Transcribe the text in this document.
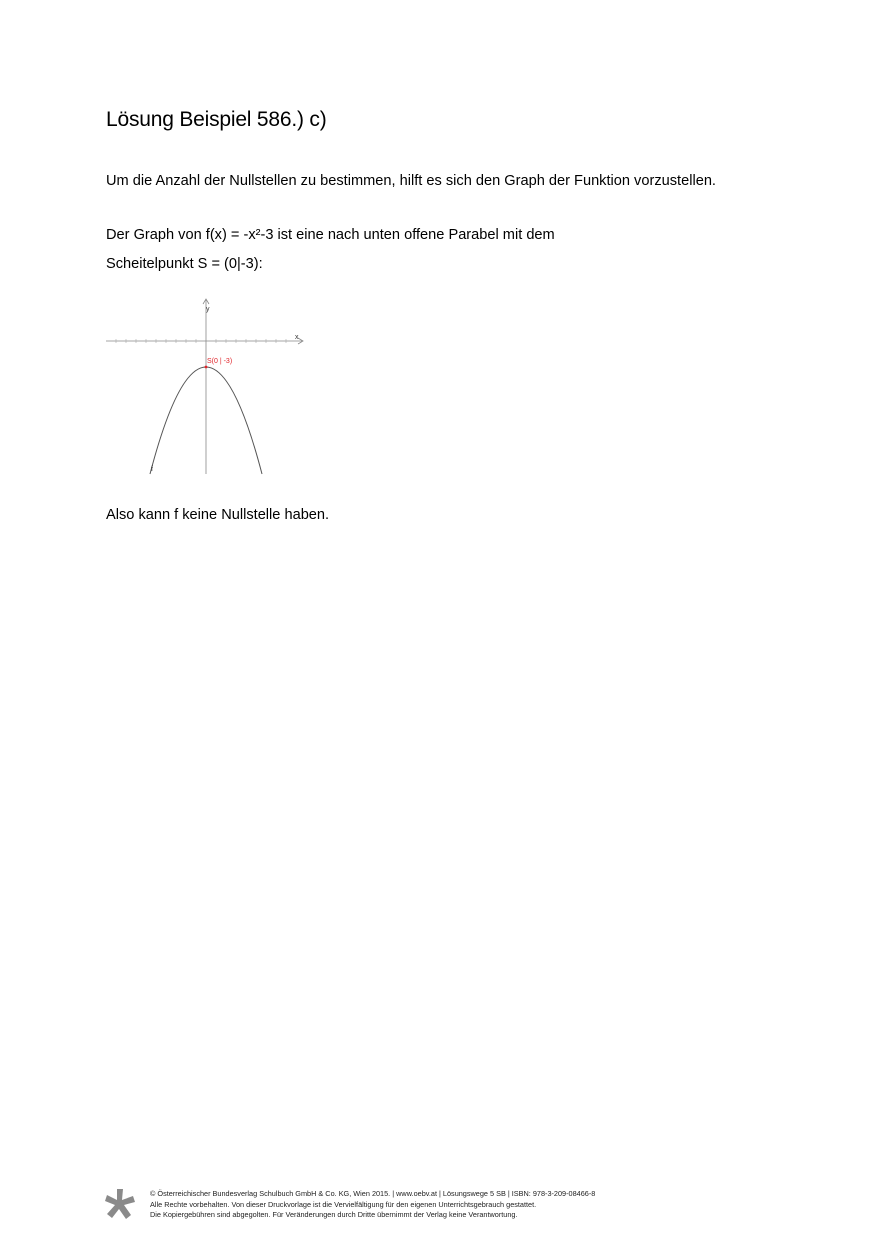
Lösung Beispiel 586.) c)

Um die Anzahl der Nullstellen zu bestimmen, hilft es sich den Graph der Funktion vorzustellen.

Der Graph von f(x) = -x²-3 ist eine nach unten offene Parabel mit dem

Scheitelpunkt S = (0|-3):

y
x
S(0 | -3)
f

Also kann f keine Nullstelle haben.

© Österreichischer Bundesverlag Schulbuch GmbH & Co. KG, Wien 2015. | www.oebv.at | Lösungswege 5 SB | ISBN: 978-3-209-08466-8
Alle Rechte vorbehalten. Von dieser Druckvorlage ist die Vervielfältigung für den eigenen Unterrichtsgebrauch gestattet.
Die Kopiergebühren sind abgegolten. Für Veränderungen durch Dritte übernimmt der Verlag keine Verantwortung.
